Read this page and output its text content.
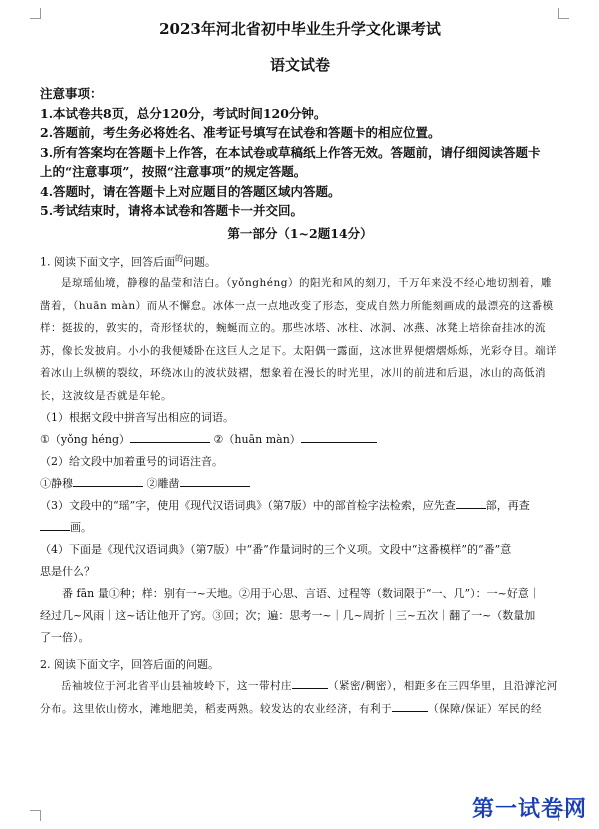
2023年河北省初中毕业生升学文化课考试
语文试卷
注意事项：
1.本试卷共8页，总分120分，考试时间120分钟。
2.答题前，考生务必将姓名、准考证号填写在试卷和答题卡的相应位置。
3.所有答案均在答题卡上作答，在本试卷或草稿纸上作答无效。答题前，请仔细阅读答题卡
上的“注意事项”，按照“注意事项”的规定答题。
4.答题时，请在答题卡上对应题目的答题区域内答题。
5.考试结束时，请将本试卷和答题卡一并交回。
第一部分（1~2题14分）
1. 阅读下面文字，回答后面$^的$问题。
是琼瑶仙境，静穆的晶莹和洁白。（yǒnghéng）的阳光和风的刻刀，千万年来没不经心地切割着，雕凿着，（huān màn）而从不懈怠。冰体一点一点地改变了形态，变成自然力所能刻画成的最漂亮的这番模样：挺拔的，敦实的，奇形怪状的，蜿蜒而立的。那些冰塔、冰柱、冰洞、冰燕、冰凳上培徐奋挂冰的流苏，像长发披肩。小小的我便矮卧在这巨人之足下。太阳偶一露面，这冰世界便熠熠烁烁，光彩夺目。端详着冰山上纵横的裂纹，环绕冰山的波状鼓褶，想象着在漫长的时光里，冰川的前进和后退，冰山的高低消长，这波纹是否就是年轮。
（1）根据文段中拼音写出相应的词语。
①（yǒng héng）	②（huān màn）
（2）给文段中加着重号的词语注音。
①静穆	②雕凿
（3）文段中的“瑶”字，使用《现代汉语词典》（第7版）中的部首检字法检索，应先查	部，再查
画。
（4）下面是《现代汉语词典》（第7版）中“番”作量词时的三个义项。文段中“这番模样”的“番”意
思是什么？
番 fān 量①种；样：别有一~天地。②用于心思、言语、过程等（数词限于“一、几”）：一~好意｜
经过几~风雨｜这~话让他开了窍。③回；次；遍：思考一~｜几~周折｜三~五次｜翻了一~（数量加
了一倍）。
2. 阅读下面文字，回答后面的问题。
岳袖坡位于河北省平山县袖坡岭下，这一带村庄	（紧密/稠密），相距多在三四华里，且沿滹沱河分布。这里依山傍水，滩地肥美，稻麦两熟。较发达的农业经济，有利于	（保障/保证）军民的经
第一试卷网
